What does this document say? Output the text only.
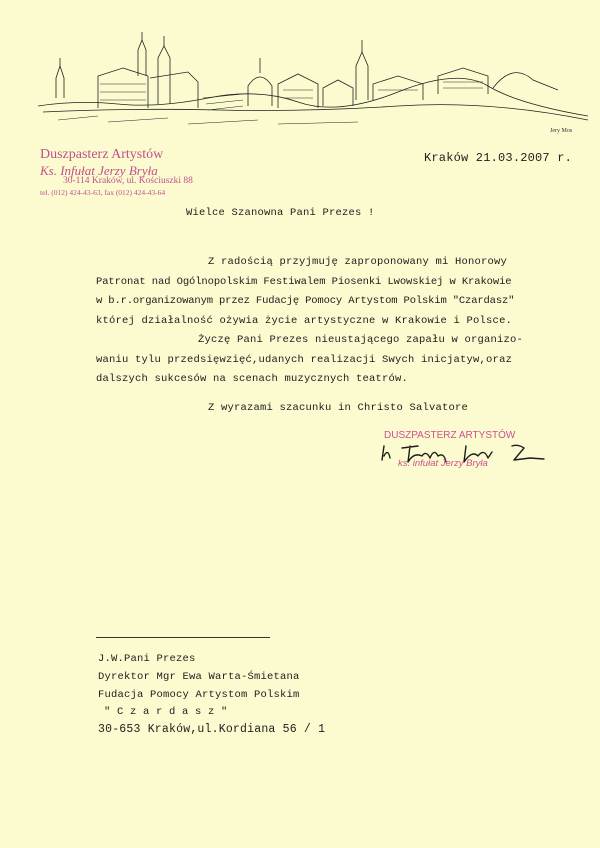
Jery Mos
Duszpasterz Artystów
Ks. Infułat Jerzy Bryła
30-114 Kraków, ul. Kościuszki 88
tel. (012) 424-43-63, fax (012) 424-43-64
Kraków 21.03.2007 r.
Wielce Szanowna Pani Prezes !
Z radością przyjmuję zaproponowany mi Honorowy
Patronat nad Ogólnopolskim Festiwalem Piosenki Lwowskiej w Krakowie
w b.r.organizowanym przez Fudację Pomocy Artystom Polskim "Czardasz"
której działalność ożywia życie artystyczne w Krakowie i Polsce.
Życzę Pani Prezes nieustającego zapału w organizo-
waniu tylu przedsięwzięć,udanych realizacji Swych inicjatyw,oraz
dalszych sukcesów na scenach muzycznych teatrów.
Z wyrazami szacunku in Christo Salvatore
DUSZPASTERZ ARTYSTÓW
ks. infułat Jerzy Bryła
J.W.Pani Prezes
Dyrektor Mgr Ewa Warta-Śmietana
Fudacja Pomocy Artystom Polskim
" C z a r d a s z "
30-653 Kraków,ul.Kordiana 56 / 1
